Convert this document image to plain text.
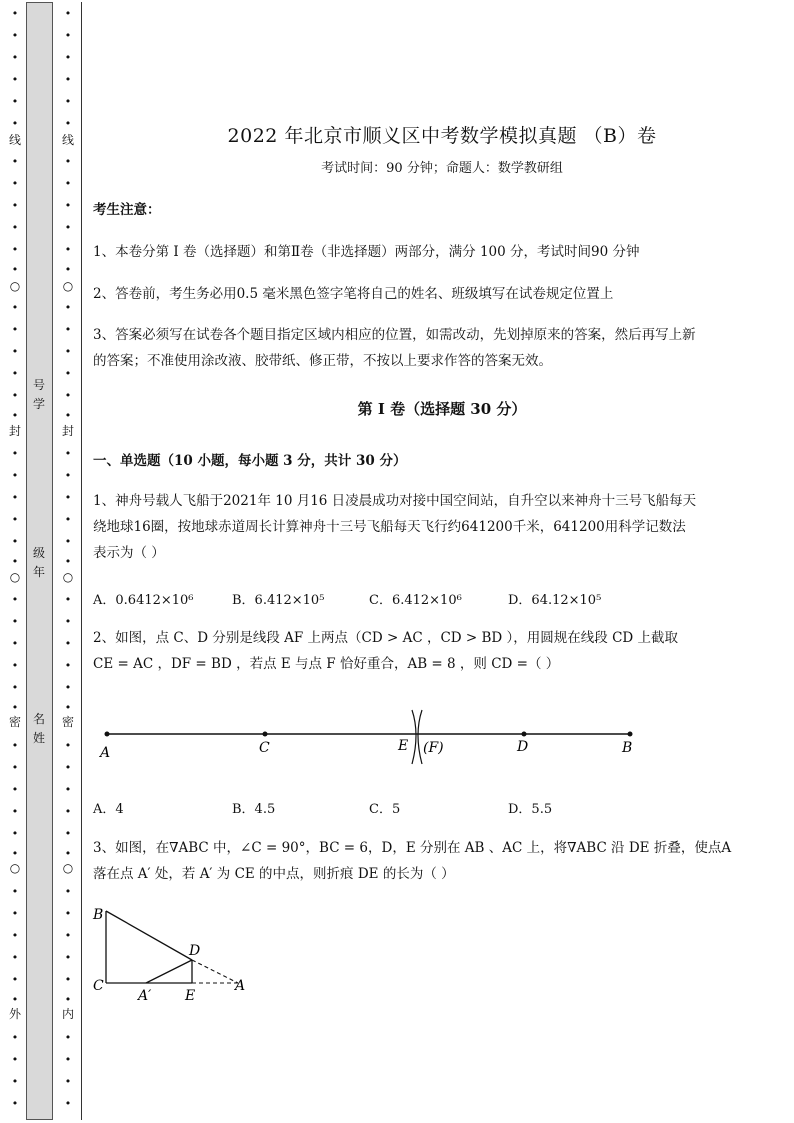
•
•
•
•
•
•
线
•
•
•
•
•
•
○
•
•
•
•
•
•
封
•
•
•
•
•
•
○
•
•
•
•
•
•
密
•
•
•
•
•
•
○
•
•
•
•
•
•
外
•
•
•
•
•
•
•
•
•
•
线
•
•
•
•
•
•
○
•
•
•
•
•
•
封
•
•
•
•
•
•
○
•
•
•
•
•
•
密
•
•
•
•
•
•
○
•
•
•
•
•
•
内
•
•
•
•
号
学
级
年
名
姓
2022 年北京市顺义区中考数学模拟真题 （B）卷
考试时间：90 分钟；命题人：数学教研组
考生注意：
1、本卷分第 I 卷（选择题）和第Ⅱ卷（非选择题）两部分，满分 100 分，考试时间90 分钟
2、答卷前，考生务必用0.5 毫米黑色签字笔将自己的姓名、班级填写在试卷规定位置上
3、答案必须写在试卷各个题目指定区域内相应的位置，如需改动，先划掉原来的答案，然后再写上新
的答案；不准使用涂改液、胶带纸、修正带，不按以上要求作答的答案无效。
第 I 卷（选择题 30 分）
一、单选题（10 小题，每小题 3 分，共计 30 分）
1、神舟号载人飞船于2021年 10 月16 日凌晨成功对接中国空间站，自升空以来神舟十三号飞船每天
绕地球16圈，按地球赤道周长计算神舟十三号飞船每天飞行约641200千米，641200用科学记数法
表示为（ ）
A．0.6412×10⁶	B．6.412×10⁵	C．6.412×10⁶	D．64.12×10⁵
2、如图，点 C、D 分别是线段 AF 上两点（CD > AC ，CD > BD ），用圆规在线段 CD 上截取
CE = AC ，DF = BD ，若点 E 与点 F 恰好重合，AB = 8 ，则 CD =（ ）
A	C	E (F)	D	B
A．4	B．4.5	C．5	D．5.5
3、如图，在∇ABC 中，∠C = 90°，BC = 6，D，E 分别在 AB 、AC 上，将∇ABC 沿 DE 折叠，使点A
落在点 A′ 处，若 A′ 为 CE 的中点，则折痕 DE 的长为（ ）
B
D
C
A′ E
A
